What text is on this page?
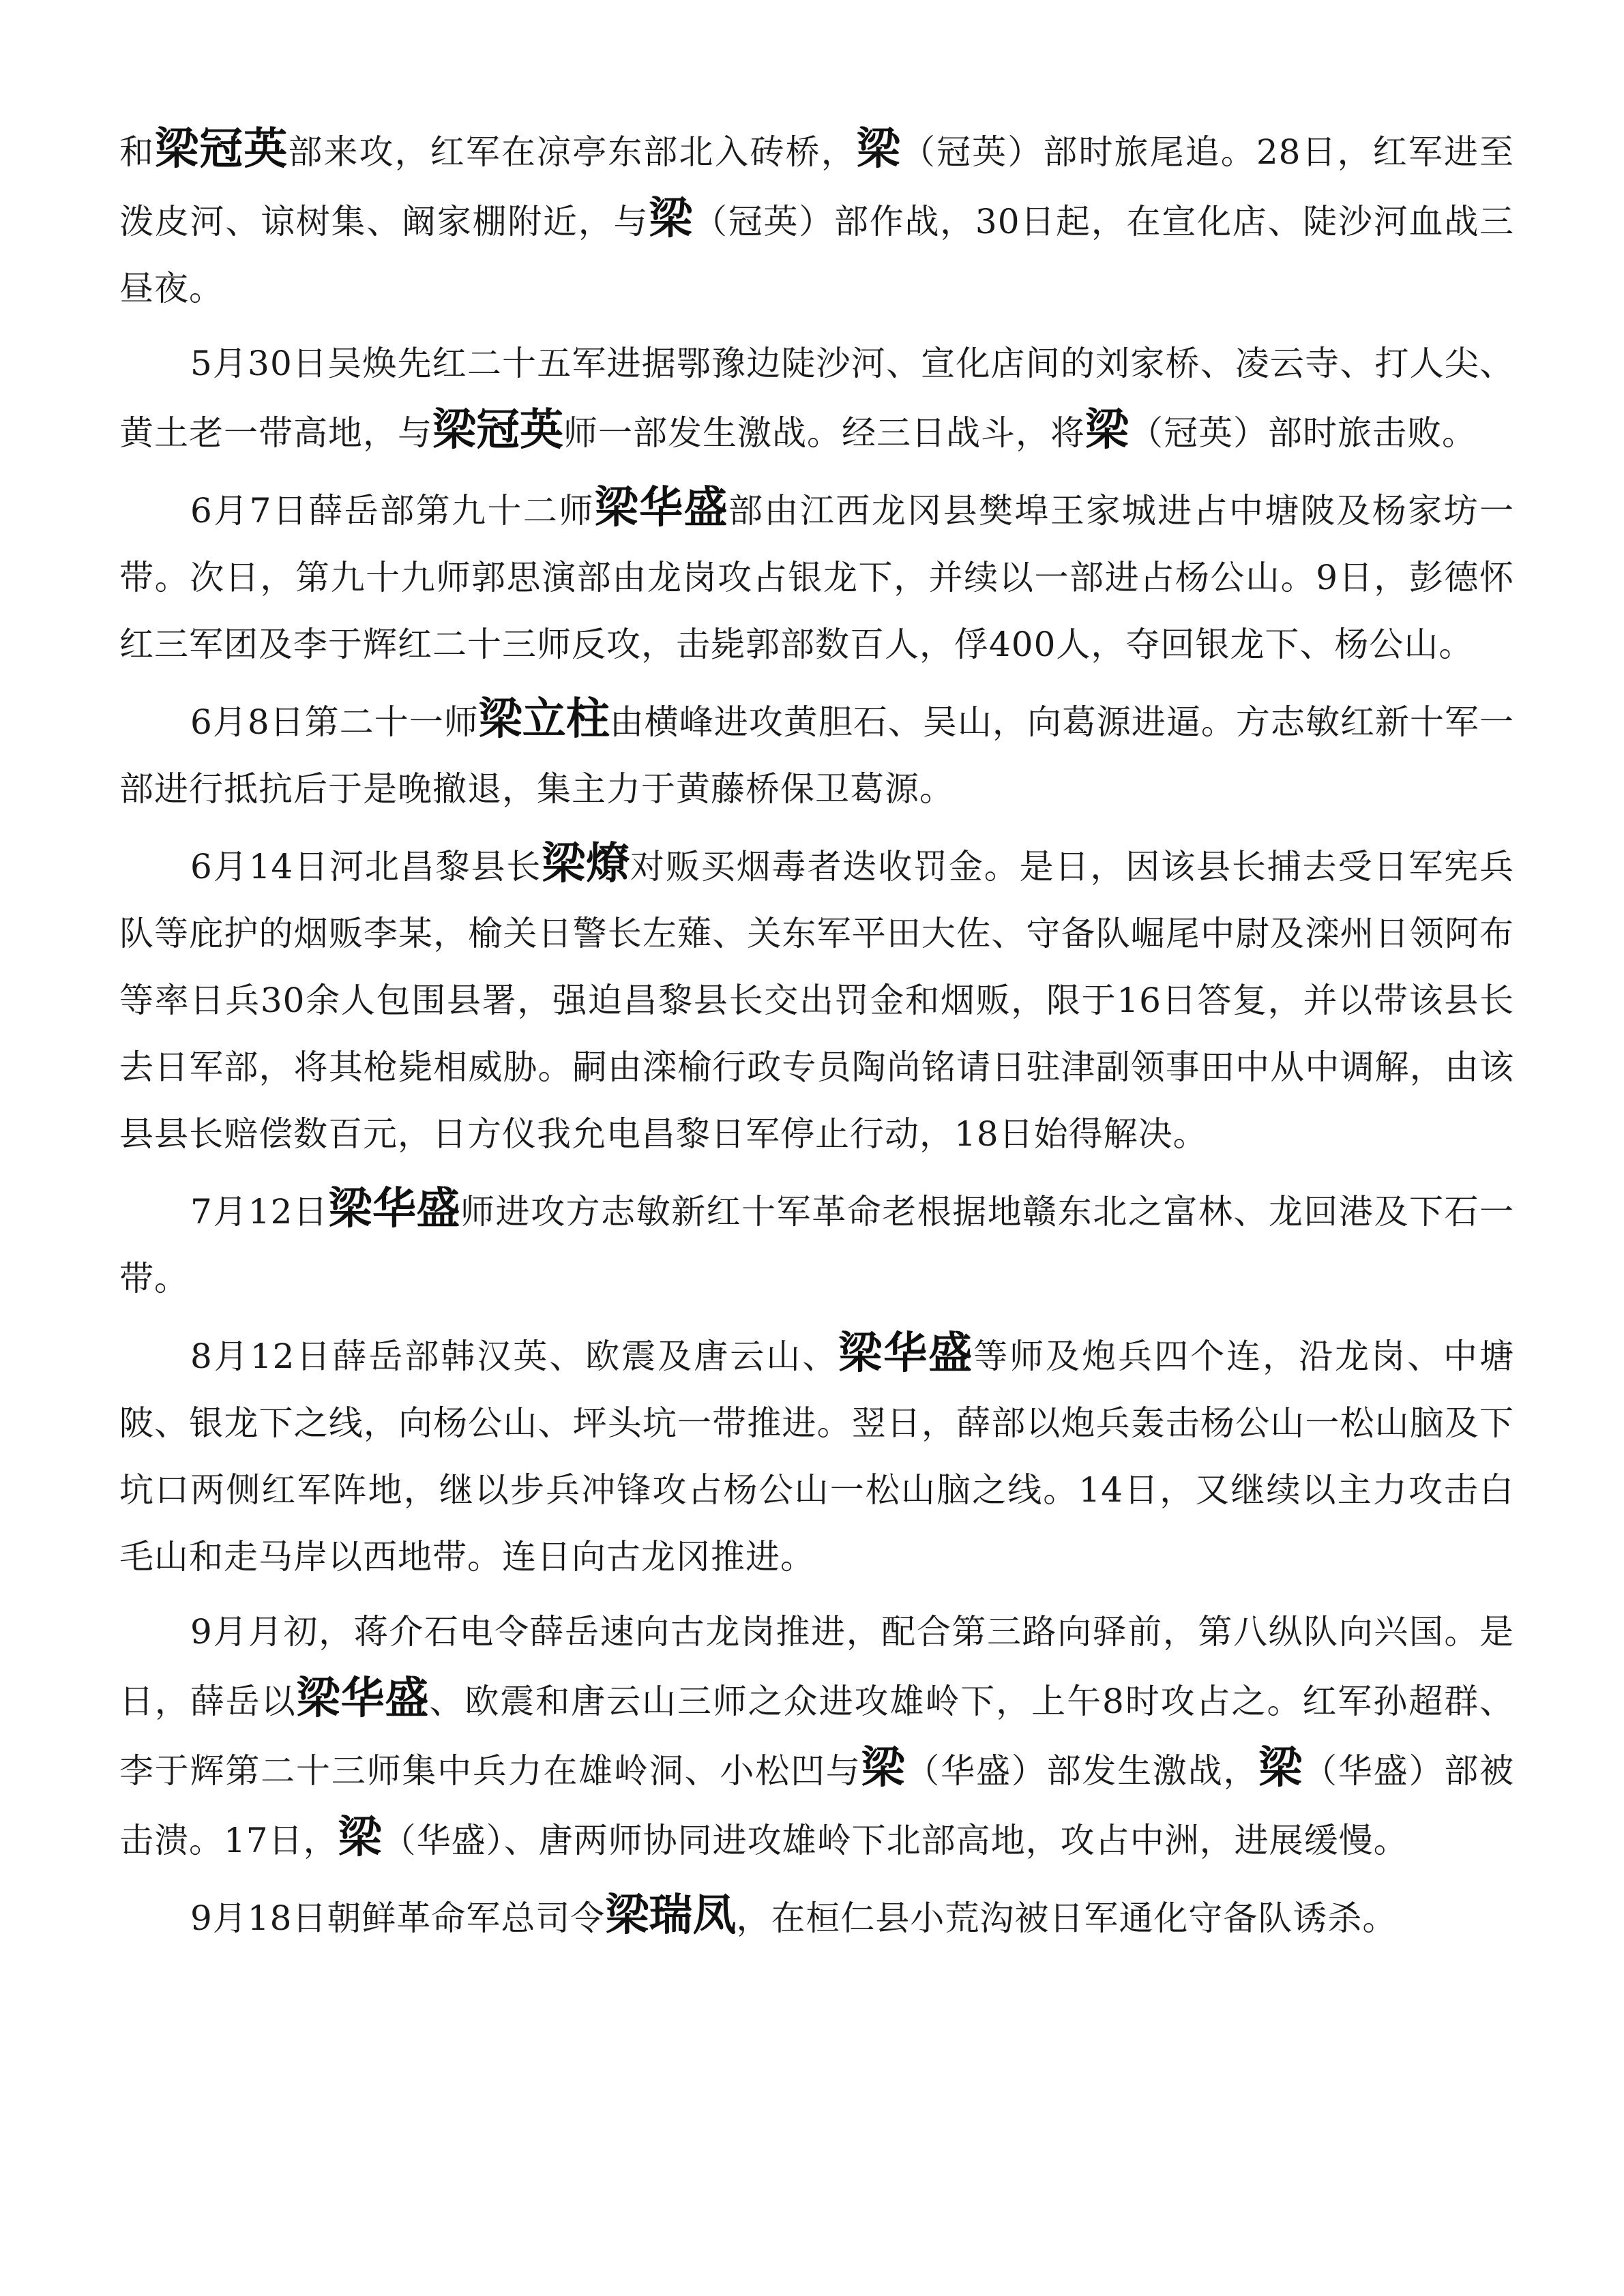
和梁冠英部来攻，红军在凉亭东部北入砖桥，梁（冠英）部时旅尾追。28日，红军进至泼皮河、谅树集、阚家棚附近，与梁（冠英）部作战，30日起，在宣化店、陡沙河血战三昼夜。

5月30日吴焕先红二十五军进据鄂豫边陡沙河、宣化店间的刘家桥、凌云寺、打人尖、黄土老一带高地，与梁冠英师一部发生激战。经三日战斗，将梁（冠英）部时旅击败。

6月7日薛岳部第九十二师梁华盛部由江西龙冈县樊埠王家城进占中塘陂及杨家坊一带。次日，第九十九师郭思演部由龙岗攻占银龙下，并续以一部进占杨公山。9日，彭德怀红三军团及李于辉红二十三师反攻，击毙郭部数百人，俘400人，夺回银龙下、杨公山。

6月8日第二十一师梁立柱由横峰进攻黄胆石、吴山，向葛源进逼。方志敏红新十军一部进行抵抗后于是晚撤退，集主力于黄藤桥保卫葛源。

6月14日河北昌黎县长梁燎对贩买烟毒者迭收罚金。是日，因该县长捕去受日军宪兵队等庇护的烟贩李某，榆关日警长左薙、关东军平田大佐、守备队崛尾中尉及滦州日领阿布等率日兵30余人包围县署，强迫昌黎县长交出罚金和烟贩，限于16日答复，并以带该县长去日军部，将其枪毙相威胁。嗣由滦榆行政专员陶尚铭请日驻津副领事田中从中调解，由该县县长赔偿数百元，日方仪我允电昌黎日军停止行动，18日始得解决。

7月12日梁华盛师进攻方志敏新红十军革命老根据地赣东北之富林、龙回港及下石一带。

8月12日薛岳部韩汉英、欧震及唐云山、梁华盛等师及炮兵四个连，沿龙岗、中塘陂、银龙下之线，向杨公山、坪头坑一带推进。翌日，薛部以炮兵轰击杨公山一松山脑及下坑口两侧红军阵地，继以步兵冲锋攻占杨公山一松山脑之线。14日，又继续以主力攻击白毛山和走马岸以西地带。连日向古龙冈推进。

9月月初，蒋介石电令薛岳速向古龙岗推进，配合第三路向驿前，第八纵队向兴国。是日，薛岳以梁华盛、欧震和唐云山三师之众进攻雄岭下，上午8时攻占之。红军孙超群、李于辉第二十三师集中兵力在雄岭洞、小松凹与梁（华盛）部发生激战，梁（华盛）部被击溃。17日，梁（华盛）、唐两师协同进攻雄岭下北部高地，攻占中洲，进展缓慢。

9月18日朝鲜革命军总司令梁瑞凤，在桓仁县小荒沟被日军通化守备队诱杀。
